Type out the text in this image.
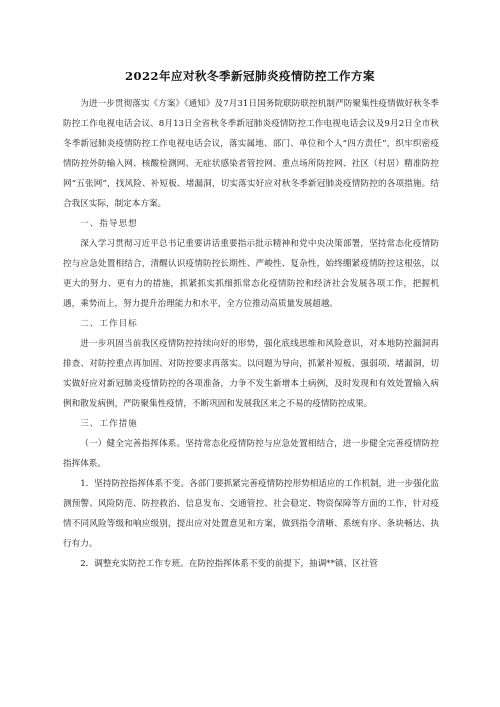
2022年应对秋冬季新冠肺炎疫情防控工作方案

为进一步贯彻落实《方案》《通知》及7月31日国务院联防联控机制严防聚集性疫情做好秋冬季防控工作电视电话会议、8月13日全省秋冬季新冠肺炎疫情防控工作电视电话会议及9月2日全市秋冬季新冠肺炎疫情防控工作电视电话会议，落实属地、部门、单位和个人“四方责任”，织牢织密疫情防控外防输入网、核酸检测网、无症状感染者管控网、重点场所防控网、社区（村居）精准防控网“五张网”，找风险、补短板、堵漏洞，切实落实好应对秋冬季新冠肺炎疫情防控的各项措施。结合我区实际，制定本方案。

一、指导思想

深入学习贯彻习近平总书记重要讲话重要指示批示精神和党中央决策部署，坚持常态化疫情防控与应急处置相结合，清醒认识疫情防控长期性、严峻性、复杂性，始终绷紧疫情防控这根弦，以更大的努力、更有力的措施，抓紧抓实抓细抓常态化疫情防控和经济社会发展各项工作，把握机遇，乘势而上，努力提升治理能力和水平，全方位推动高质量发展超越。

二、工作目标

进一步巩固当前我区疫情防控持续向好的形势，强化底线思维和风险意识，对本地防控漏洞再排查、对防控重点再加固、对防控要求再落实。以问题为导向，抓紧补短板、强弱项、堵漏洞，切实做好应对新冠肺炎疫情防控的各项准备，力争不发生新增本土病例，及时发现和有效处置输入病例和散发病例，严防聚集性疫情，不断巩固和发展我区来之不易的疫情防控成果。

三、工作措施

（一）健全完善指挥体系。坚持常态化疫情防控与应急处置相结合，进一步健全完善疫情防控指挥体系。

1．坚持防控指挥体系不变。各部门要抓紧完善疫情防控形势相适应的工作机制，进一步强化监测预警、风险防范、防控救治、信息发布、交通管控、社会稳定、物资保障等方面的工作，针对疫情不同风险等级和响应级别，提出应对处置意见和方案，做到指令清晰、系统有序、条块畅达、执行有力。

2．调整充实防控工作专班。在防控指挥体系不变的前提下，抽调**镇、区社管
